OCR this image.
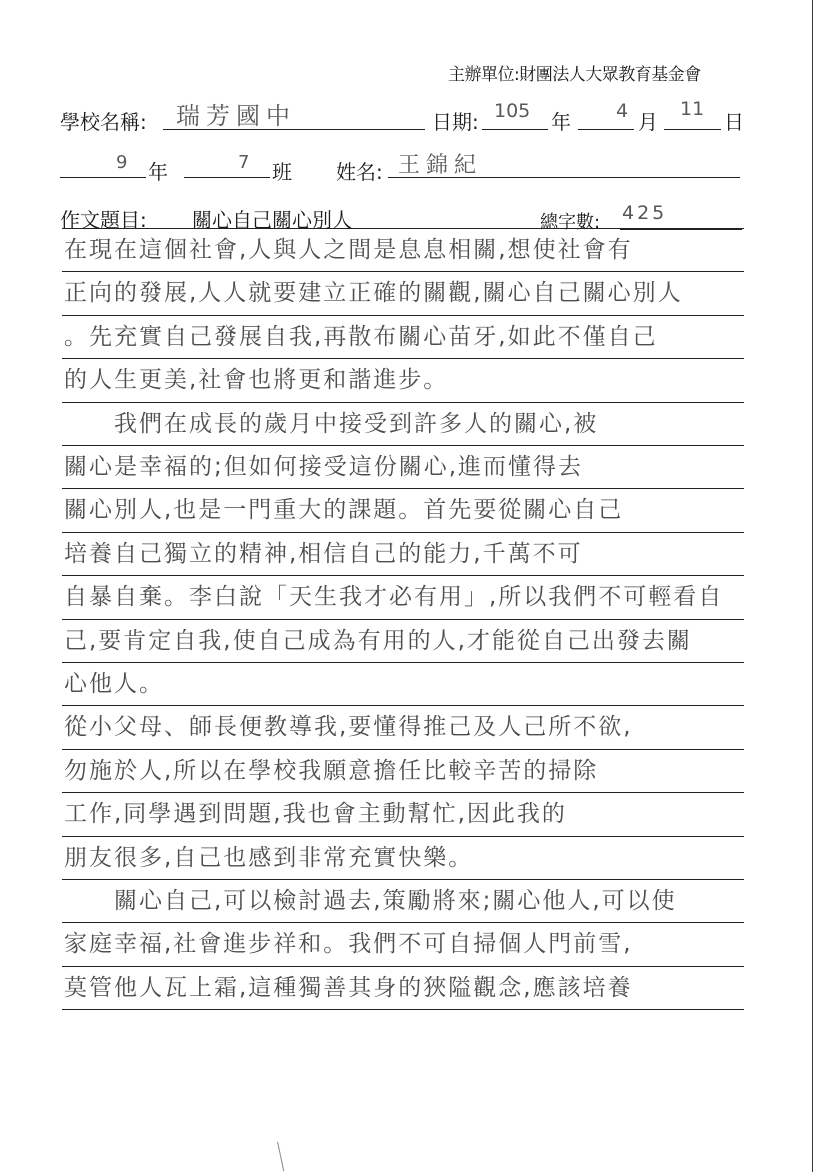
主辦單位:財團法人大眾教育基金會
學校名稱: 瑞芳國中	日期: 105 年 4 月
11
日
9 年	7 班 姓名: 王錦紀
作文題目: 關心自己關心別人	總字數: 425
在現在這個社會,人與人之間是息息相關,想使社會有
正向的發展,人人就要建立正確的關觀,關心自己關心別人
。先充實自己發展自我,再散布關心苗牙,如此不僅自己
的人生更美,社會也將更和諧進步。
　　我們在成長的歲月中接受到許多人的關心,被
關心是幸福的;但如何接受這份關心,進而懂得去
關心別人,也是一門重大的課題。首先要從關心自己
培養自己獨立的精神,相信自己的能力,千萬不可
自暴自棄。李白說「天生我才必有用」,所以我們不可輕看自
己,要肯定自我,使自己成為有用的人,才能從自己出發去關
心他人。
從小父母、師長便教導我,要懂得推己及人己所不欲,
勿施於人,所以在學校我願意擔任比較辛苦的掃除
工作,同學遇到問題,我也會主動幫忙,因此我的
朋友很多,自己也感到非常充實快樂。
　　關心自己,可以檢討過去,策勵將來;關心他人,可以使
家庭幸福,社會進步祥和。我們不可自掃個人門前雪,
莫管他人瓦上霜,這種獨善其身的狹隘觀念,應該培養
